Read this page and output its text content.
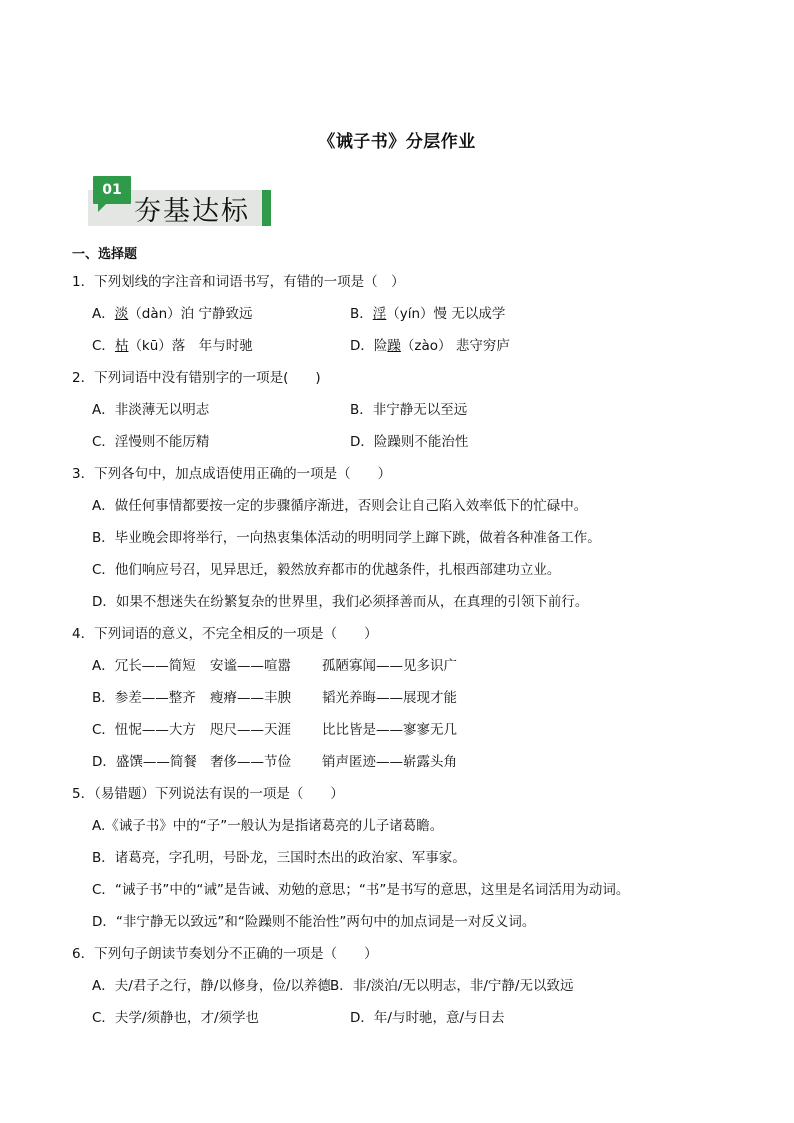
《诫子书》分层作业
01
夯基达标
一、选择题
1．下列划线的字注音和词语书写，有错的一项是（　）
A．淡（dàn）泊 宁静致远	B．淫（yín）慢 无以成学
C．枯（kū）落　年与时驰	D．险躁（zào） 悲守穷庐
2．下列词语中没有错别字的一项是(　　)
A．非淡薄无以明志	B．非宁静无以至远
C．淫慢则不能厉精	D．险躁则不能治性
3．下列各句中，加点成语使用正确的一项是（　　）
A．做任何事情都要按一定的步骤循序渐进，否则会让自己陷入效率低下的忙碌中。
B．毕业晚会即将举行，一向热衷集体活动的明明同学上蹿下跳，做着各种准备工作。
C．他们响应号召，见异思迁，毅然放弃都市的优越条件，扎根西部建功立业。
D．如果不想迷失在纷繁复杂的世界里，我们必须择善而从，在真理的引领下前行。
4．下列词语的意义，不完全相反的一项是（　　）
A．冗长——简短 安谧——喧嚣 孤陋寡闻——见多识广
B．参差——整齐 瘦瘠——丰腴 韬光养晦——展现才能
C．忸怩——大方 咫尺——天涯 比比皆是——寥寥无几
D．盛馔——简餐 奢侈——节俭 销声匿迹——崭露头角
5．（易错题）下列说法有误的一项是（　　）
A.《诫子书》中的“子”一般认为是指诸葛亮的儿子诸葛瞻。
B．诸葛亮，字孔明，号卧龙，三国时杰出的政治家、军事家。
C．“诫子书”中的“诫”是告诫、劝勉的意思；“书”是书写的意思，这里是名词活用为动词。
D．“非宁静无以致远”和“险躁则不能治性”两句中的加点词是一对反义词。
6．下列句子朗读节奏划分不正确的一项是（　　）
A．夫/君子之行，静/以修身，俭/以养德 B．非/淡泊/无以明志，非/宁静/无以致远
C．夫学/须静也，才/须学也	D．年/与时驰，意/与日去
